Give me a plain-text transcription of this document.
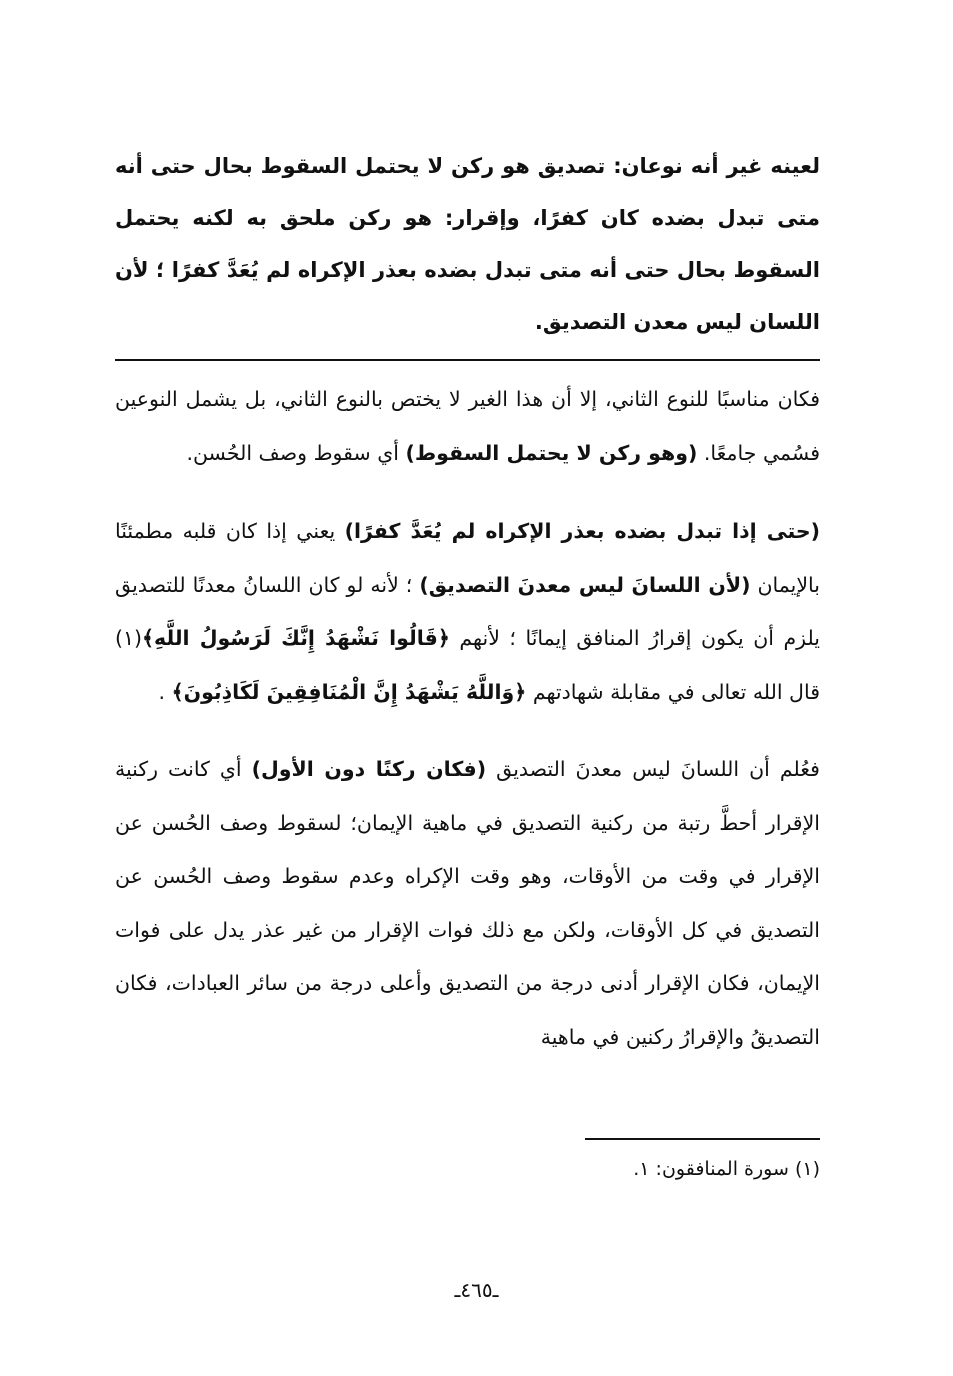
لعينه غير أنه نوعان: تصديق هو ركن لا يحتمل السقوط بحال حتى أنه متى تبدل بضده كان كفرًا، وإقرار: هو ركن ملحق به لكنه يحتمل السقوط بحال حتى أنه متى تبدل بضده بعذر الإكراه لم يُعَدَّ كفرًا ؛ لأن اللسان ليس معدن التصديق.

فكان مناسبًا للنوع الثاني، إلا أن هذا الغير لا يختص بالنوع الثاني، بل يشمل النوعين فسُمي جامعًا. (وهو ركن لا يحتمل السقوط) أي سقوط وصف الحُسن.

(حتى إذا تبدل بضده بعذر الإكراه لم يُعَدَّ كفرًا) يعني إذا كان قلبه مطمئنًا بالإيمان (لأن اللسانَ ليس معدنَ التصديق) ؛ لأنه لو كان اللسانُ معدنًا للتصديق يلزم أن يكون إقرارُ المنافق إيمانًا ؛ لأنهم ﴿قَالُوا نَشْهَدُ إِنَّكَ لَرَسُولُ اللَّهِ﴾(١) قال الله تعالى في مقابلة شهادتهم ﴿وَاللَّهُ يَشْهَدُ إِنَّ الْمُنَافِقِينَ لَكَاذِبُونَ﴾ .

فعُلم أن اللسانَ ليس معدنَ التصديق (فكان ركنًا دون الأول) أي كانت ركنية الإقرار أحطَّ رتبة من ركنية التصديق في ماهية الإيمان؛ لسقوط وصف الحُسن عن الإقرار في وقت من الأوقات، وهو وقت الإكراه وعدم سقوط وصف الحُسن عن التصديق في كل الأوقات، ولكن مع ذلك فوات الإقرار من غير عذر يدل على فوات الإيمان، فكان الإقرار أدنى درجة من التصديق وأعلى درجة من سائر العبادات، فكان التصديقُ والإقرارُ ركنين في ماهية

(١) سورة المنافقون: ١.
ـ٤٦٥ـ
